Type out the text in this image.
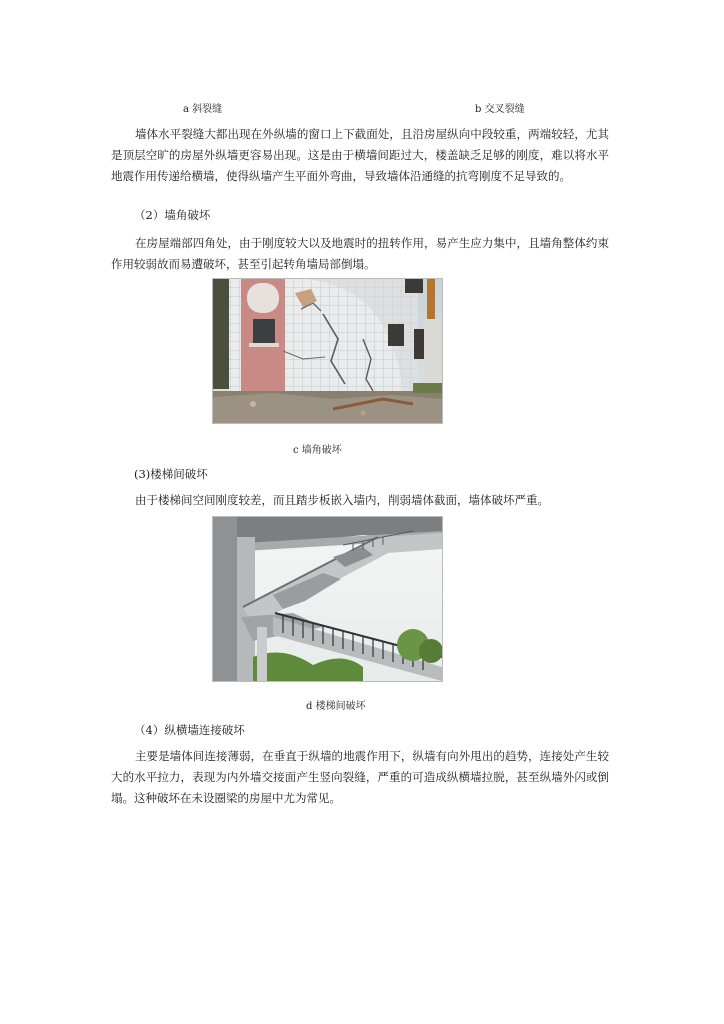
a 斜裂缝	b 交叉裂缝

墙体水平裂缝大都出现在外纵墙的窗口上下截面处，且沿房屋纵向中段较重，两端较轻，尤其是顶层空旷的房屋外纵墙更容易出现。这是由于横墙间距过大，楼盖缺乏足够的刚度，难以将水平地震作用传递给横墙，使得纵墙产生平面外弯曲，导致墙体沿通缝的抗弯刚度不足导致的。

（2）墙角破坏

在房屋端部四角处，由于刚度较大以及地震时的扭转作用，易产生应力集中，且墙角整体约束作用较弱故而易遭破坏，甚至引起转角墙局部倒塌。

c 墙角破坏

(3)楼梯间破坏

由于楼梯间空间刚度较差，而且踏步板嵌入墙内，削弱墙体截面，墙体破坏严重。

d 楼梯间破坏

（4）纵横墙连接破坏

主要是墙体间连接薄弱，在垂直于纵墙的地震作用下，纵墙有向外甩出的趋势，连接处产生较大的水平拉力，表现为内外墙交接面产生竖向裂缝，严重的可造成纵横墙拉脱，甚至纵墙外闪或倒塌。这种破坏在未设圈梁的房屋中尤为常见。
